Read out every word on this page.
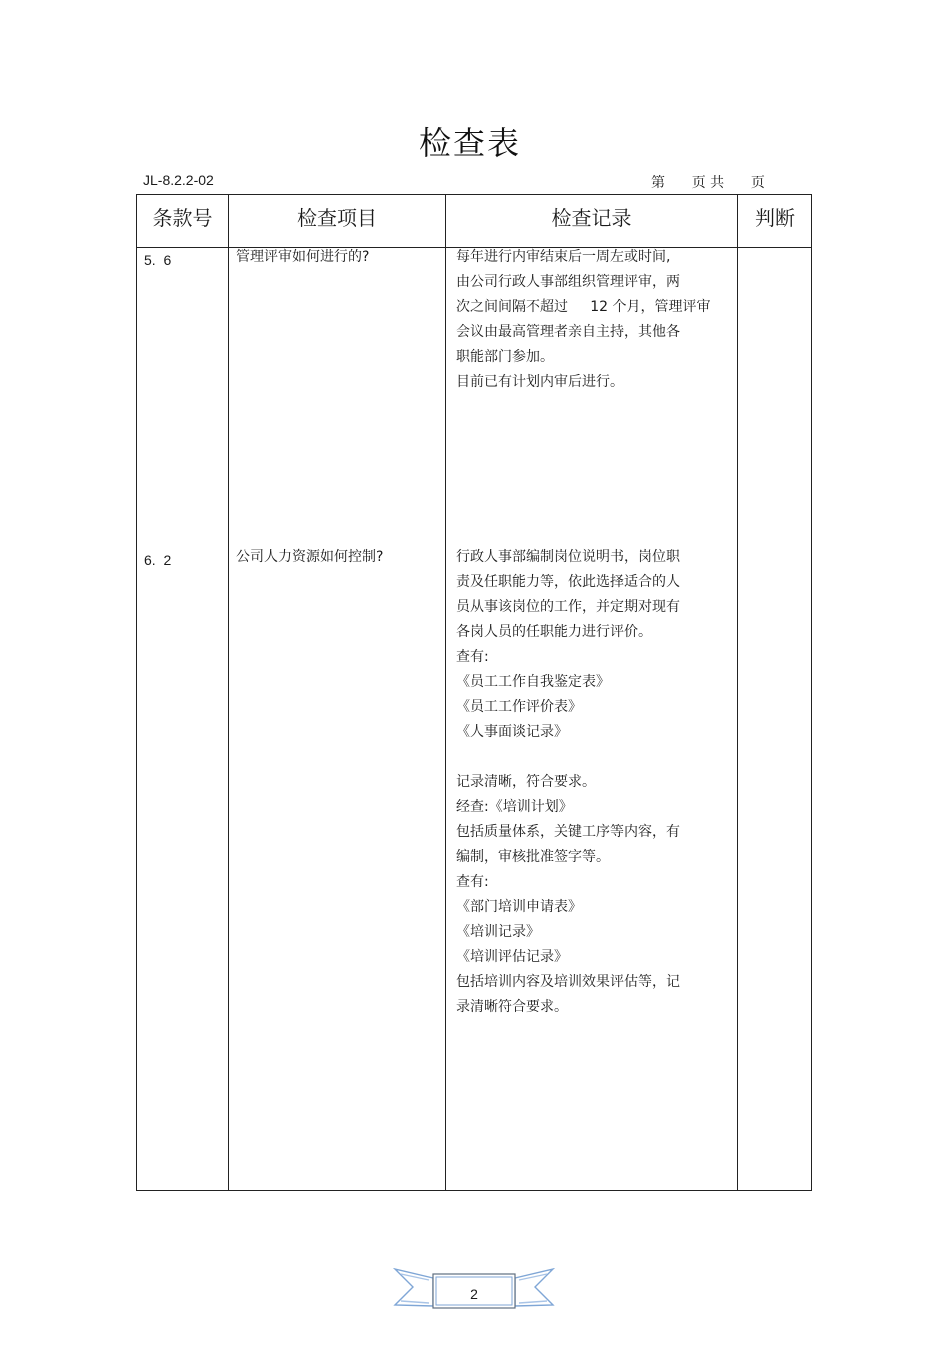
检查表
JL-8.2.2-02	第      页 共      页
条款号	检查项目	检查记录	判断
5.  6	管理评审如何进行的?	每年进行内审结束后一周左或时间,
由公司行政人事部组织管理评审，两
次之间间隔不超过     12 个月，管理评审
会议由最高管理者亲自主持，其他各
职能部门参加。
目前已有计划内审后进行。
6.  2	公司人力资源如何控制?	行政人事部编制岗位说明书，岗位职
责及任职能力等，依此选择适合的人
员从事该岗位的工作，并定期对现有
各岗人员的任职能力进行评价。
查有:
《员工工作自我鉴定表》
《员工工作评价表》
《人事面谈记录》
记录清晰，符合要求。
经查:《培训计划》
包括质量体系，关键工序等内容，有
编制，审核批准签字等。
查有:
《部门培训申请表》
《培训记录》
《培训评估记录》
包括培训内容及培训效果评估等，记
录清晰符合要求。
2
